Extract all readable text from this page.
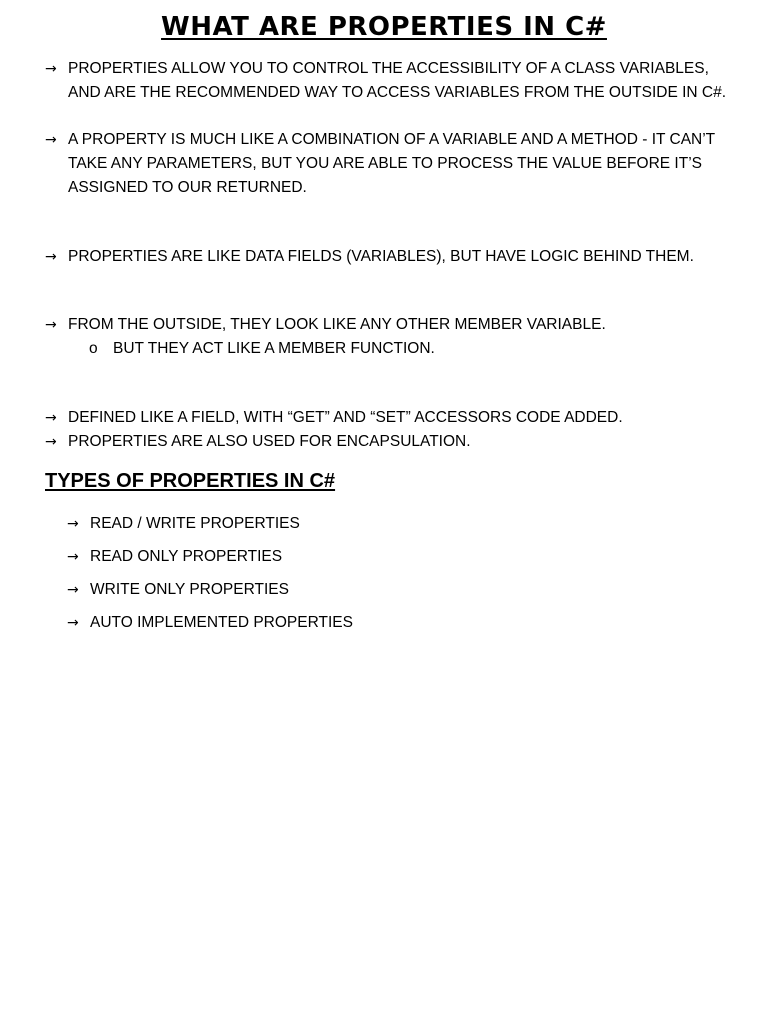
WHAT ARE PROPERTIES IN C#
→ PROPERTIES ALLOW YOU TO CONTROL THE ACCESSIBILITY OF A CLASS VARIABLES, AND ARE THE RECOMMENDED WAY TO ACCESS VARIABLES FROM THE OUTSIDE IN C#.
→ A PROPERTY IS MUCH LIKE A COMBINATION OF A VARIABLE AND A METHOD - IT CAN’T TAKE ANY PARAMETERS, BUT YOU ARE ABLE TO PROCESS THE VALUE BEFORE IT’S ASSIGNED TO OUR RETURNED.
→ PROPERTIES ARE LIKE DATA FIELDS (VARIABLES), BUT HAVE LOGIC BEHIND THEM.
→ FROM THE OUTSIDE, THEY LOOK LIKE ANY OTHER MEMBER VARIABLE.
o BUT THEY ACT LIKE A MEMBER FUNCTION.
→ DEFINED LIKE A FIELD, WITH “GET” AND “SET” ACCESSORS CODE ADDED.
→ PROPERTIES ARE ALSO USED FOR ENCAPSULATION.
TYPES OF PROPERTIES IN C#
→ READ / WRITE PROPERTIES
→ READ ONLY PROPERTIES
→ WRITE ONLY PROPERTIES
→ AUTO IMPLEMENTED PROPERTIES
